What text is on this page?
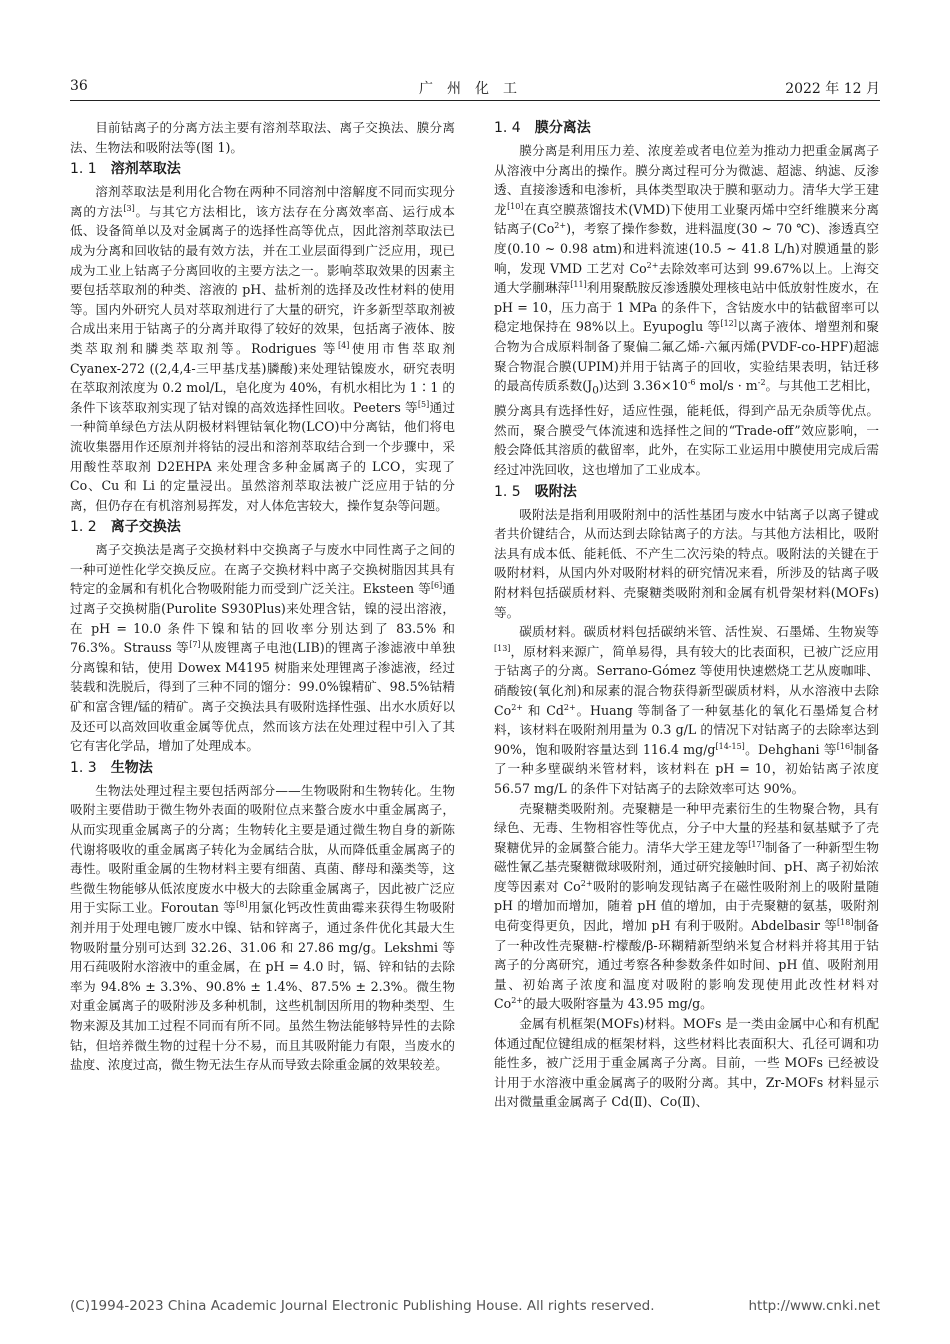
36	广州化工	2022 年 12 月

目前钴离子的分离方法主要有溶剂萃取法、离子交换法、膜分离法、生物法和吸附法等(图 1)。

1. 1 溶剂萃取法

溶剂萃取法是利用化合物在两种不同溶剂中溶解度不同而实现分离的方法[3]。与其它方法相比，该方法存在分离效率高、运行成本低、设备简单以及对金属离子的选择性高等优点，因此溶剂萃取法已成为分离和回收钴的最有效方法，并在工业层面得到广泛应用，现已成为工业上钴离子分离回收的主要方法之一。影响萃取效果的因素主要包括萃取剂的种类、溶液的 pH、盐析剂的选择及改性材料的使用等。国内外研究人员对萃取剂进行了大量的研究，许多新型萃取剂被合成出来用于钴离子的分离并取得了较好的效果，包括离子液体、胺类萃取剂和膦类萃取剂等。Rodrigues 等[4]使用市售萃取剂 Cyanex-272 ((2,4,4-三甲基戊基)膦酸)来处理钴镍废水，研究表明在萃取剂浓度为 0.2 mol/L，皂化度为 40%，有机水相比为 1∶1 的条件下该萃取剂实现了钴对镍的高效选择性回收。Peeters 等[5]通过一种简单绿色方法从阴极材料锂钴氧化物(LCO)中分离钴，他们将电流收集器用作还原剂并将钴的浸出和溶剂萃取结合到一个步骤中，采用酸性萃取剂 D2EHPA 来处理含多种金属离子的 LCO，实现了 Co、Cu 和 Li 的定量浸出。虽然溶剂萃取法被广泛应用于钴的分离，但仍存在有机溶剂易挥发，对人体危害较大，操作复杂等问题。

1. 2 离子交换法

离子交换法是离子交换材料中交换离子与废水中同性离子之间的一种可逆性化学交换反应。在离子交换材料中离子交换树脂因其具有特定的金属和有机化合物吸附能力而受到广泛关注。Eksteen 等[6]通过离子交换树脂(Purolite S930Plus)来处理含钴，镍的浸出溶液，在 pH = 10.0 条件下镍和钴的回收率分别达到了 83.5% 和 76.3%。Strauss 等[7]从废锂离子电池(LIB)的锂离子渗滤液中单独分离镍和钴，使用 Dowex M4195 树脂来处理锂离子渗滤液，经过装载和洗脱后，得到了三种不同的馏分：99.0%镍精矿、98.5%钴精矿和富含锂/锰的精矿。离子交换法具有吸附选择性强、出水水质好以及还可以高效回收重金属等优点，然而该方法在处理过程中引入了其它有害化学品，增加了处理成本。

1. 3 生物法

生物法处理过程主要包括两部分——生物吸附和生物转化。生物吸附主要借助于微生物外表面的吸附位点来螯合废水中重金属离子，从而实现重金属离子的分离；生物转化主要是通过微生物自身的新陈代谢将吸收的重金属离子转化为金属结合肽，从而降低重金属离子的毒性。吸附重金属的生物材料主要有细菌、真菌、酵母和藻类等，这些微生物能够从低浓度废水中极大的去除重金属离子，因此被广泛应用于实际工业。Foroutan 等[8]用氯化钙改性黄曲霉来获得生物吸附剂并用于处理电镀厂废水中镍、钴和锌离子，通过条件优化其最大生物吸附量分别可达到 32.26、31.06 和 27.86 mg/g。Lekshmi 等用石莼吸附水溶液中的重金属，在 pH = 4.0 时，镉、锌和钴的去除率为 94.8% ± 3.3%、90.8% ± 1.4%、87.5% ± 2.3%。微生物对重金属离子的吸附涉及多种机制，这些机制因所用的物种类型、生物来源及其加工过程不同而有所不同。虽然生物法能够特异性的去除钴，但培养微生物的过程十分不易，而且其吸附能力有限，当废水的盐度、浓度过高，微生物无法生存从而导致去除重金属的效果较差。

1. 4 膜分离法

膜分离是利用压力差、浓度差或者电位差为推动力把重金属离子从溶液中分离出的操作。膜分离过程可分为微滤、超滤、纳滤、反渗透、直接渗透和电渗析，具体类型取决于膜和驱动力。清华大学王建龙[10]在真空膜蒸馏技术(VMD)下使用工业聚丙烯中空纤维膜来分离钴离子$(Co^{2+})$，考察了操作参数，进料温度(30 ~ 70 ℃)、渗透真空度(0.10 ~ 0.98 atm)和进料流速(10.5 ~ 41.8 L/h)对膜通量的影响，发现 VMD 工艺对 $Co^{2+}$去除效率可达到 99.67%以上。上海交通大学蒯琳萍[11]利用聚酰胺反渗透膜处理核电站中低放射性废水，在 pH = 10，压力高于 1 MPa 的条件下，含钴废水中的钴截留率可以稳定地保持在 98%以上。Eyupoglu 等[12]以离子液体、增塑剂和聚合物为合成原料制备了聚偏二氟乙烯-六氟丙烯(PVDF-co-HPF)超滤聚合物混合膜(UPIM)并用于钴离子的回收，实验结果表明，钴迁移的最高传质系数$(J_0)$达到 $3.36\times 10^{-6}$ $mol/s \cdot m^{-2}$。与其他工艺相比，膜分离具有选择性好，适应性强，能耗低，得到产品无杂质等优点。然而，聚合膜受气体流速和选择性之间的“Trade-off”效应影响，一般会降低其溶质的截留率，此外，在实际工业运用中膜使用完成后需经过冲洗回收，这也增加了工业成本。

1. 5 吸附法

吸附法是指利用吸附剂中的活性基团与废水中钴离子以离子键或者共价键结合，从而达到去除钴离子的方法。与其他方法相比，吸附法具有成本低、能耗低、不产生二次污染的特点。吸附法的关键在于吸附材料，从国内外对吸附材料的研究情况来看，所涉及的钴离子吸附材料包括碳质材料、壳聚糖类吸附剂和金属有机骨架材料(MOFs)等。

碳质材料。碳质材料包括碳纳米管、活性炭、石墨烯、生物炭等[13]，原材料来源广，简单易得，具有较大的比表面积，已被广泛应用于钴离子的分离。Serrano-Gómez 等使用快速燃烧工艺从废咖啡、硝酸铵(氧化剂)和尿素的混合物获得新型碳质材料，从水溶液中去除 $Co^{2+}$ 和 $Cd^{2+}$。Huang 等制备了一种氨基化的氧化石墨烯复合材料，该材料在吸附剂用量为 0.3 g/L 的情况下对钴离子的去除率达到 90%，饱和吸附容量达到 116.4 mg/g[14-15]。Dehghani 等[16]制备了一种多壁碳纳米管材料，该材料在 pH = 10，初始钴离子浓度 56.57 mg/L 的条件下对钴离子的去除效率可达 90%。

壳聚糖类吸附剂。壳聚糖是一种甲壳素衍生的生物聚合物，具有绿色、无毒、生物相容性等优点，分子中大量的羟基和氨基赋予了壳聚糖优异的金属螯合能力。清华大学王建龙等[17]制备了一种新型生物磁性氰乙基壳聚糖微球吸附剂，通过研究接触时间、pH、离子初始浓度等因素对 $Co^{2+}$吸附的影响发现钴离子在磁性吸附剂上的吸附量随 pH 的增加而增加，随着 pH 值的增加，由于壳聚糖的氨基，吸附剂电荷变得更负，因此，增加 pH 有利于吸附。Abdelbasir 等[18]制备了一种改性壳聚糖-柠檬酸/β-环糊精新型纳米复合材料并将其用于钴离子的分离研究，通过考察各种参数条件如时间、pH 值、吸附剂用量、初始离子浓度和温度对吸附的影响发现使用此改性材料对 $Co^{2+}$的最大吸附容量为 43.95 mg/g。

金属有机框架(MOFs)材料。MOFs 是一类由金属中心和有机配体通过配位键组成的框架材料，这些材料比表面积大、孔径可调和功能性多，被广泛用于重金属离子分离。目前，一些 MOFs 已经被设计用于水溶液中重金属离子的吸附分离。其中，Zr-MOFs 材料显示出对微量重金属离子 Cd(Ⅱ)、Co(Ⅱ)、

(C)1994-2023 China Academic Journal Electronic Publishing House. All rights reserved.	http://www.cnki.net
